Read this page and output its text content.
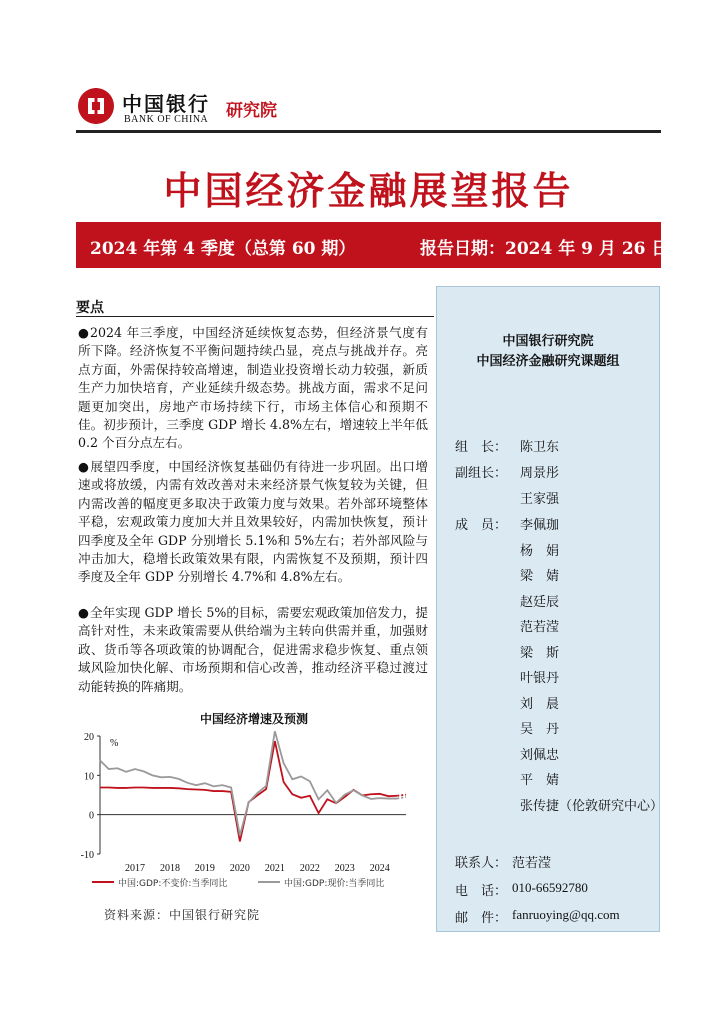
中国银行
BANK OF CHINA 研究院
中国经济金融展望报告
2024 年第 4 季度（总第 60 期）	报告日期：2024 年 9 月 26 日
要点
●2024 年三季度，中国经济延续恢复态势，但经济景气度有所下降。经济恢复不平衡问题持续凸显，亮点与挑战并存。亮点方面，外需保持较高增速，制造业投资增长动力较强，新质生产力加快培育，产业延续升级态势。挑战方面，需求不足问题更加突出，房地产市场持续下行，市场主体信心和预期不佳。初步预计，三季度 GDP 增长 4.8%左右，增速较上半年低 0.2 个百分点左右。
●展望四季度，中国经济恢复基础仍有待进一步巩固。出口增速或将放缓，内需有效改善对未来经济景气恢复较为关键，但内需改善的幅度更多取决于政策力度与效果。若外部环境整体平稳，宏观政策力度加大并且效果较好，内需加快恢复，预计四季度及全年 GDP 分别增长 5.1%和 5%左右；若外部风险与冲击加大，稳增长政策效果有限，内需恢复不及预期，预计四季度及全年 GDP 分别增长 4.7%和 4.8%左右。
●全年实现 GDP 增长 5%的目标，需要宏观政策加倍发力，提高针对性，未来政策需要从供给端为主转向供需并重，加强财政、货币等各项政策的协调配合，促进需求稳步恢复、重点领域风险加快化解、市场预期和信心改善，推动经济平稳过渡过动能转换的阵痛期。
中国经济增速及预测
20
10
0
-10
%
2017 2018 2019 2020 2021 2022 2023 2024
中国:GDP:不变价:当季同比	中国:GDP:现价:当季同比
资料来源：中国银行研究院
中国银行研究院
中国经济金融研究课题组
组　长： 陈卫东
副组长： 周景彤
王家强
成　员： 李佩珈
杨　娟
梁　婧
赵廷辰
范若滢
梁　斯
叶银丹
刘　晨
吴　丹
刘佩忠
平　婧
张传捷（伦敦研究中心）
联系人： 范若滢
电　话： 010-66592780
邮　件： fanruoying@qq.com
